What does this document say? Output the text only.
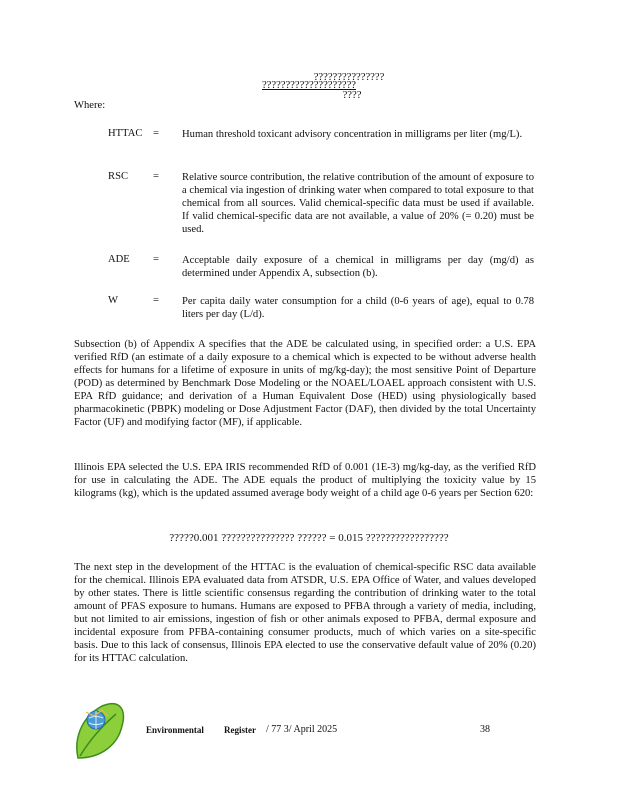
???????????????
????????????????????
????
Where:
HTTAC = Human threshold toxicant advisory concentration in milligrams per liter (mg/L).
RSC = Relative source contribution, the relative contribution of the amount of exposure to a chemical via ingestion of drinking water when compared to total exposure to that chemical from all sources. Valid chemical-specific data must be used if available. If valid chemical-specific data are not available, a value of 20% (= 0.20) must be used.
ADE = Acceptable daily exposure of a chemical in milligrams per day (mg/d) as determined under Appendix A, subsection (b).
W	= Per capita daily water consumption for a child (0-6 years of age), equal to 0.78 liters per day (L/d).
Subsection (b) of Appendix A specifies that the ADE be calculated using, in specified order: a U.S. EPA verified RfD (an estimate of a daily exposure to a chemical which is expected to be without adverse health effects for humans for a lifetime of exposure in units of mg/kg-day); the most sensitive Point of Departure (POD) as determined by Benchmark Dose Modeling or the NOAEL/LOAEL approach consistent with U.S. EPA RfD guidance; and derivation of a Human Equivalent Dose (HED) using physiologically based pharmacokinetic (PBPK) modeling or Dose Adjustment Factor (DAF), then divided by the total Uncertainty Factor (UF) and modifying factor (MF), if applicable.
Illinois EPA selected the U.S. EPA IRIS recommended RfD of 0.001 (1E-3) mg/kg-day, as the verified RfD for use in calculating the ADE. The ADE equals the product of multiplying the toxicity value by 15 kilograms (kg), which is the updated assumed average body weight of a child age 0-6 years per Section 620:
?????0.001 ??????????????? ?????? = 0.015 ?????????????????
The next step in the development of the HTTAC is the evaluation of chemical-specific RSC data available for the chemical. Illinois EPA evaluated data from ATSDR, U.S. EPA Office of Water, and values developed by other states. There is little scientific consensus regarding the contribution of drinking water to the total amount of PFAS exposure to humans. Humans are exposed to PFBA through a variety of media, including, but not limited to air emissions, ingestion of fish or other animals exposed to PFBA, dermal exposure and incidental exposure from PFBA-containing consumer products, much of which varies on a site-specific basis. Due to this lack of consensus, Illinois EPA elected to use the conservative default value of 20% (0.20) for its HTTAC calculation.
Environmental Register / 77 3/ April 2025	38
